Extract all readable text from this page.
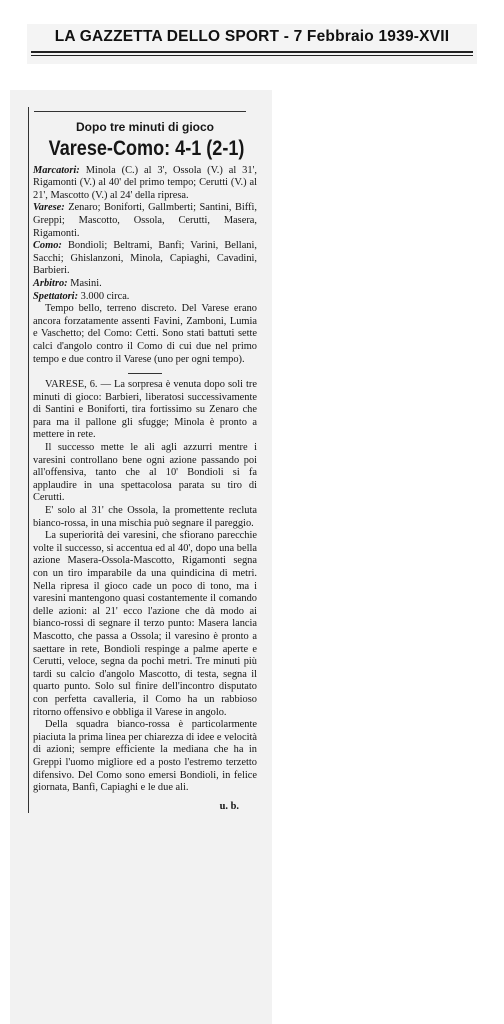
LA GAZZETTA DELLO SPORT - 7 Febbraio 1939-XVII
Dopo tre minuti di gioco
Varese-Como: 4-1 (2-1)

Marcatori: Minola (C.) al 3', Ossola (V.) al 31', Rigamonti (V.) al 40' del primo tempo; Cerutti (V.) al 21', Mascotto (V.) al 24' della ripresa.

Varese: Zenaro; Boniforti, Gallmberti; Santini, Biffi, Greppi; Mascotto, Ossola, Cerutti, Masera, Rigamonti.

Como: Bondioli; Beltrami, Banfi; Varini, Bellani, Sacchi; Ghislanzoni, Minola, Capiaghi, Cavadini, Barbieri.

Arbitro: Masini.

Spettatori: 3.000 circa.

Tempo bello, terreno discreto. Del Varese erano ancora forzatamente assenti Favini, Zamboni, Lumia e Vaschetto; del Como: Cetti. Sono stati battuti sette calci d'angolo contro il Como di cui due nel primo tempo e due contro il Varese (uno per ogni tempo).

VARESE, 6. — La sorpresa è venuta dopo soli tre minuti di gioco: Barbieri, liberatosi successivamente di Santini e Boniforti, tira fortissimo su Zenaro che para ma il pallone gli sfugge; Minola è pronto a mettere in rete.

Il successo mette le ali agli azzurri mentre i varesini controllano bene ogni azione passando poi all'offensiva, tanto che al 10' Bondioli si fa applaudire in una spettacolosa parata su tiro di Cerutti.

E' solo al 31' che Ossola, la promettente recluta bianco-rossa, in una mischia può segnare il pareggio.

La superiorità dei varesini, che sfiorano parecchie volte il successo, si accentua ed al 40', dopo una bella azione Masera-Ossola-Mascotto, Rigamonti segna con un tiro imparabile da una quindicina di metri. Nella ripresa il gioco cade un poco di tono, ma i varesini mantengono quasi costantemente il comando delle azioni: al 21' ecco l'azione che dà modo ai bianco-rossi di segnare il terzo punto: Masera lancia Mascotto, che passa a Ossola; il varesino è pronto a saettare in rete, Bondioli respinge a palme aperte e Cerutti, veloce, segna da pochi metri. Tre minuti più tardi su calcio d'angolo Mascotto, di testa, segna il quarto punto. Solo sul finire dell'incontro disputato con perfetta cavalleria, il Como ha un rabbioso ritorno offensivo e obbliga il Varese in angolo.

Della squadra bianco-rossa è particolarmente piaciuta la prima linea per chiarezza di idee e velocità di azioni; sempre efficiente la mediana che ha in Greppi l'uomo migliore ed a posto l'estremo terzetto difensivo. Del Como sono emersi Bondioli, in felice giornata, Banfi, Capiaghi e le due ali.

u. b.
